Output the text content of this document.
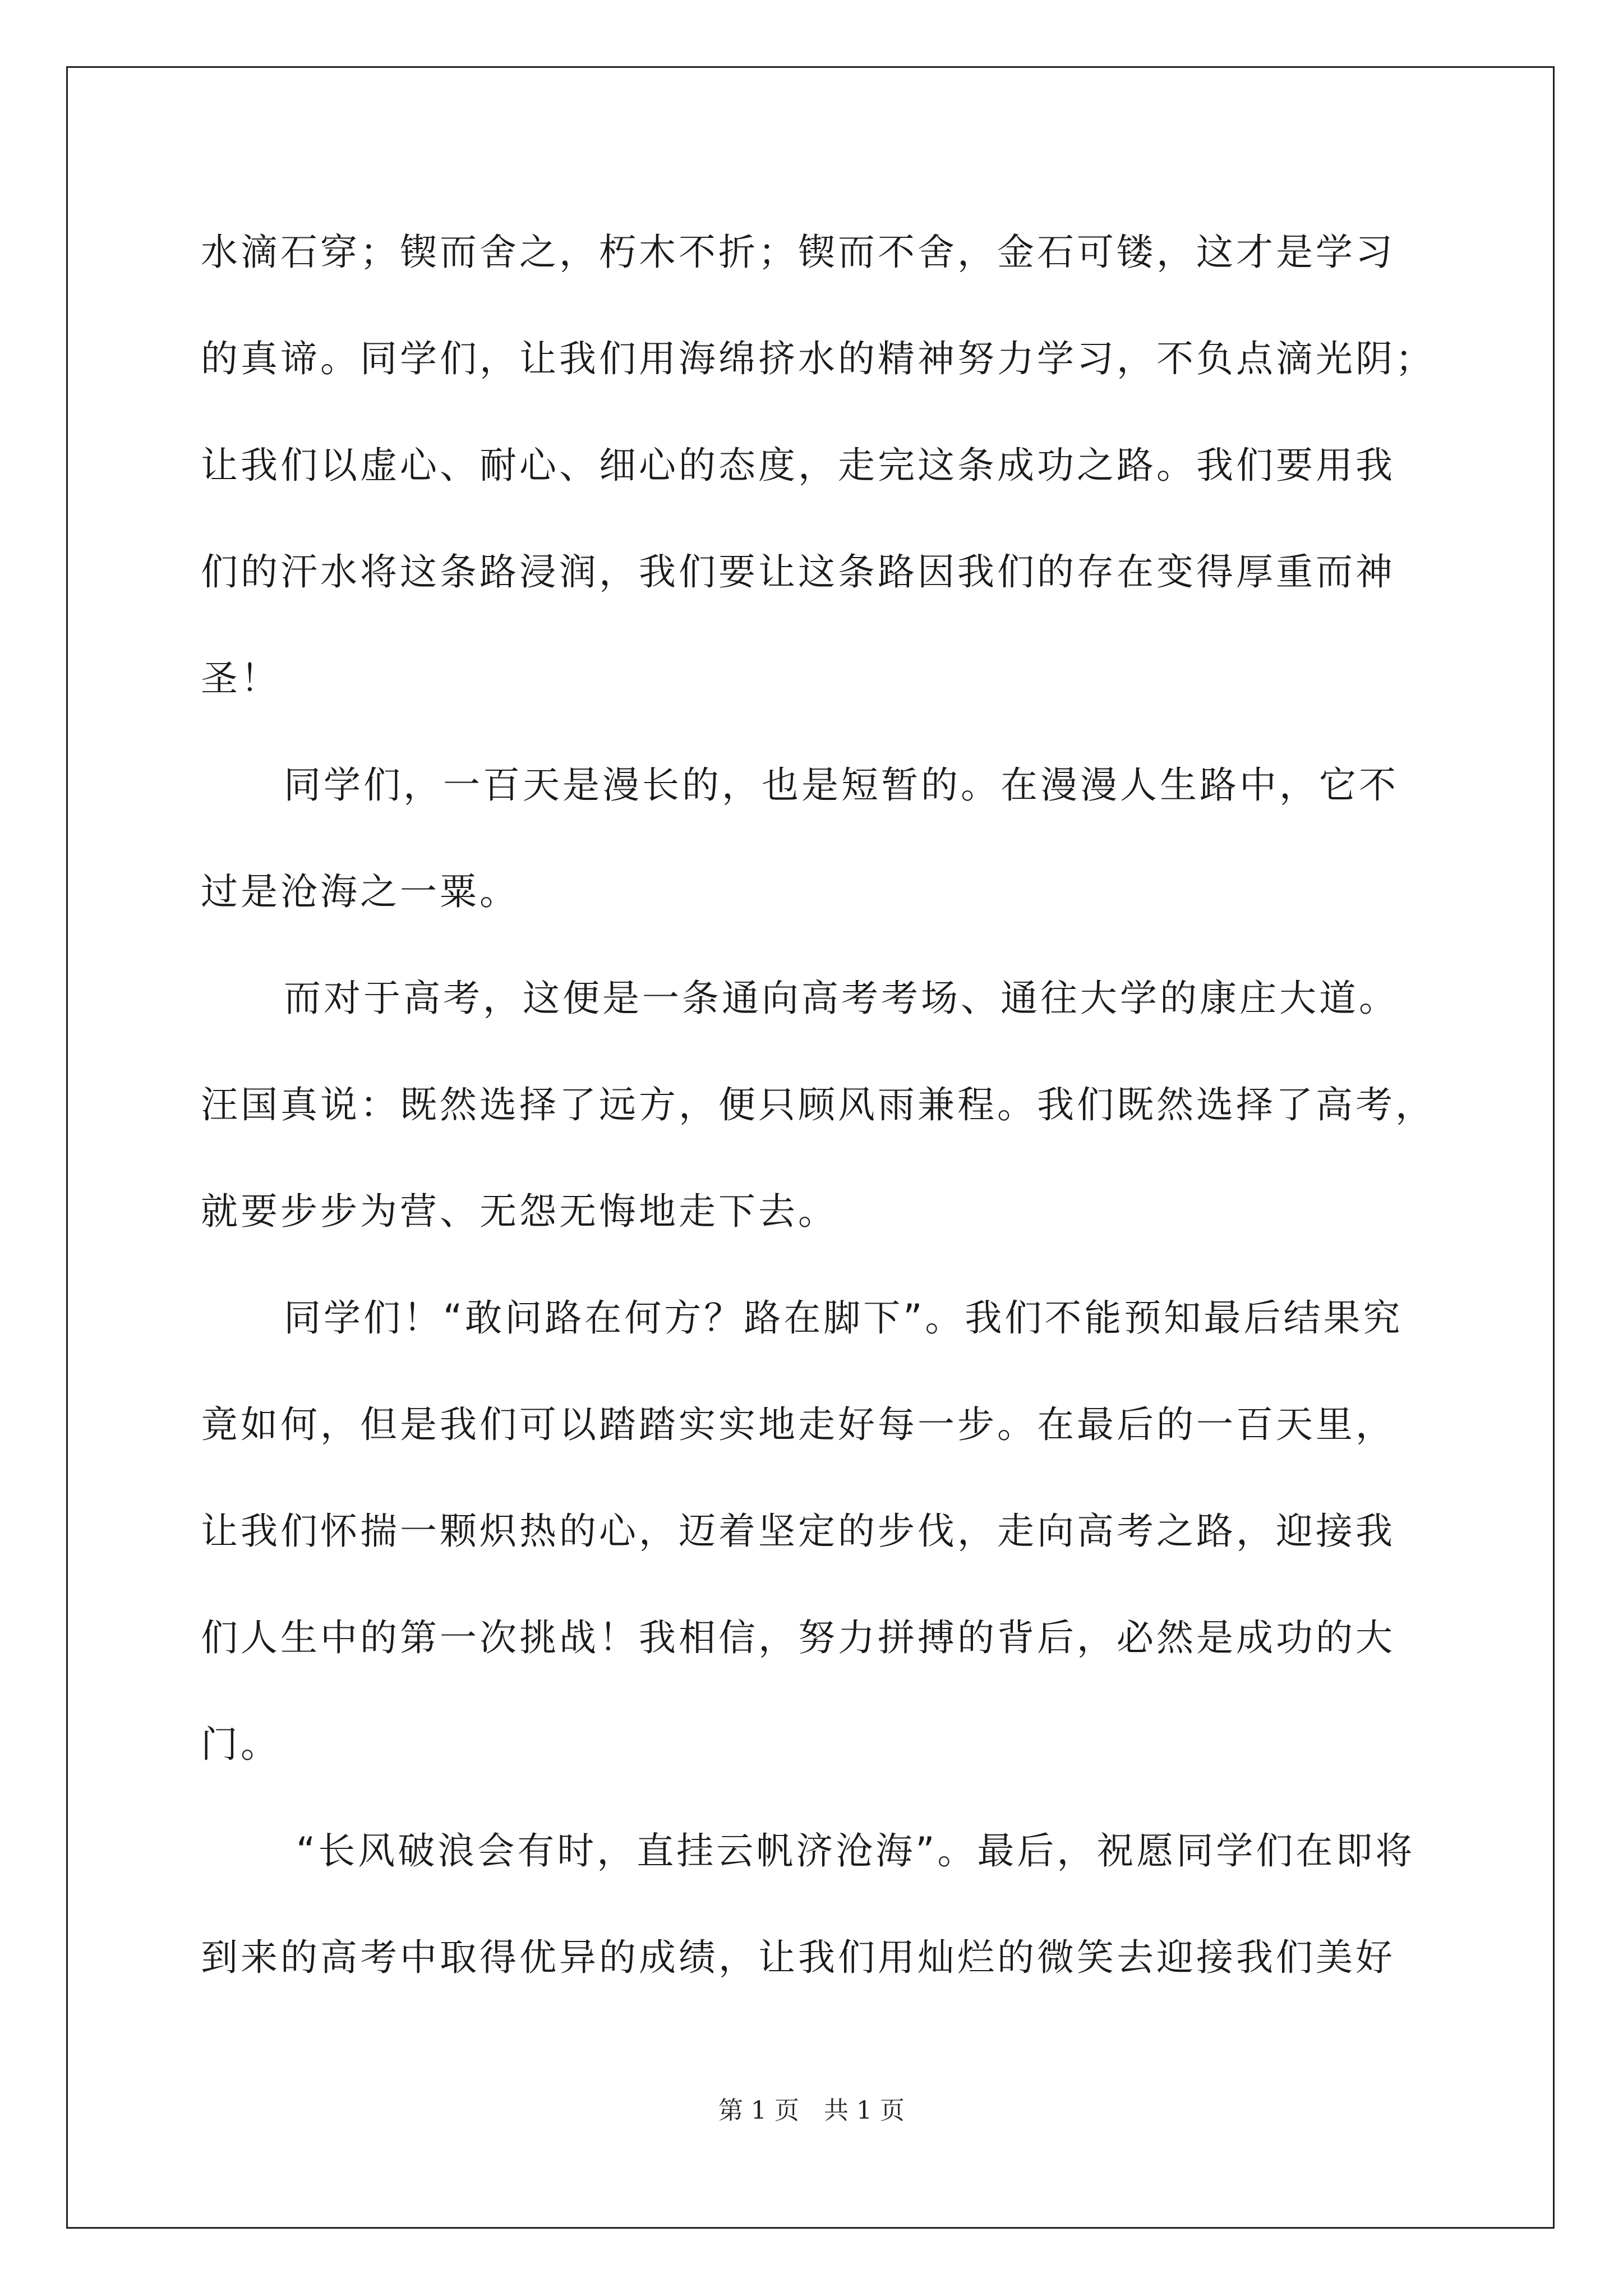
水滴石穿；锲而舍之，朽木不折；锲而不舍，金石可镂，这才是学习
的真谛。同学们，让我们用海绵挤水的精神努力学习，不负点滴光阴；
让我们以虚心、耐心、细心的态度，走完这条成功之路。我们要用我
们的汗水将这条路浸润，我们要让这条路因我们的存在变得厚重而神
圣！
同学们，一百天是漫长的，也是短暂的。在漫漫人生路中，它不
过是沧海之一粟。
而对于高考，这便是一条通向高考考场、通往大学的康庄大道。
汪国真说：既然选择了远方，便只顾风雨兼程。我们既然选择了高考，
就要步步为营、无怨无悔地走下去。
同学们！“敢问路在何方？路在脚下”。我们不能预知最后结果究
竟如何，但是我们可以踏踏实实地走好每一步。在最后的一百天里，
让我们怀揣一颗炽热的心，迈着坚定的步伐，走向高考之路，迎接我
们人生中的第一次挑战！我相信，努力拼搏的背后，必然是成功的大
门。
“长风破浪会有时，直挂云帆济沧海”。最后，祝愿同学们在即将
到来的高考中取得优异的成绩，让我们用灿烂的微笑去迎接我们美好
第 1 页　共 1 页
